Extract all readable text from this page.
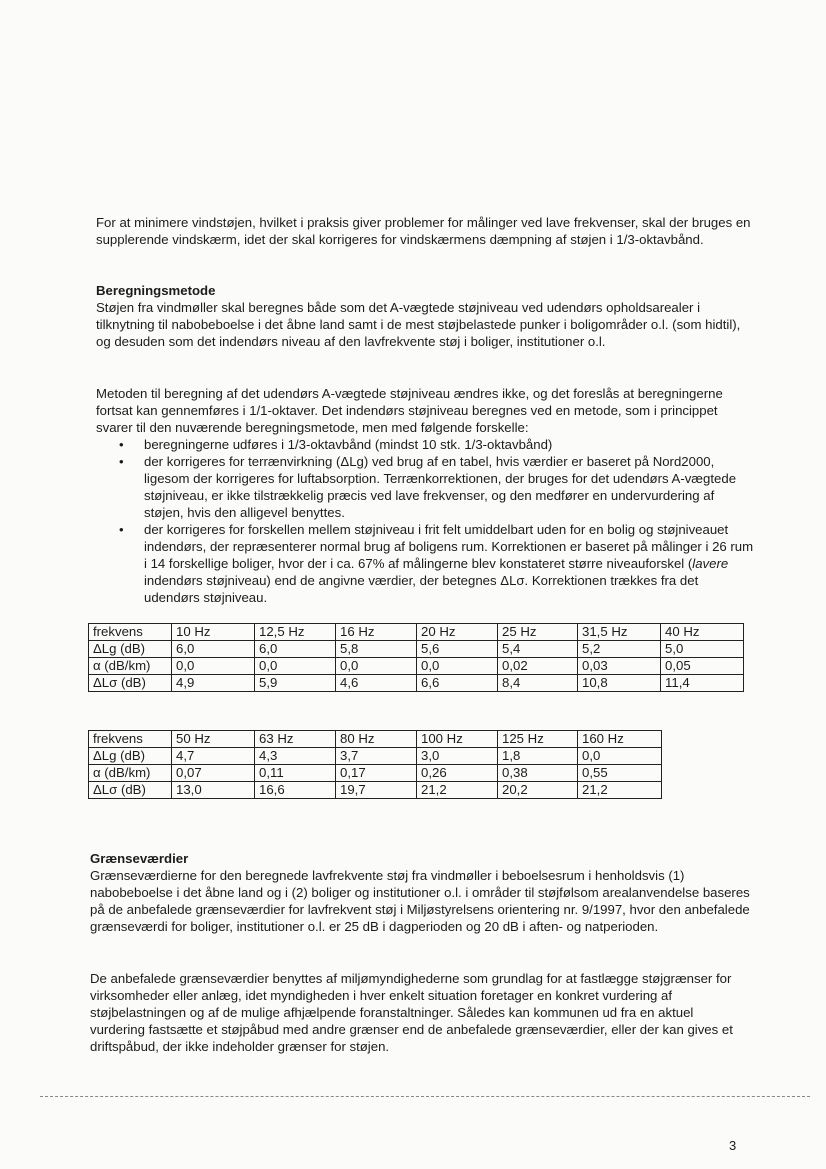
For at minimere vindstøjen, hvilket i praksis giver problemer for målinger ved lave frekvenser, skal der bruges en supplerende vindskærm, idet der skal korrigeres for vindskærmens dæmpning af støjen i 1/3-oktavbånd.

Beregningsmetode

Støjen fra vindmøller skal beregnes både som det A-vægtede støjniveau ved udendørs opholdsarealer i tilknytning til nabobeboelse i det åbne land samt i de mest støjbelastede punker i boligområder o.l. (som hidtil), og desuden som det indendørs niveau af den lavfrekvente støj i boliger, institutioner o.l.

Metoden til beregning af det udendørs A-vægtede støjniveau ændres ikke, og det foreslås at beregningerne fortsat kan gennemføres i 1/1-oktaver. Det indendørs støjniveau beregnes ved en metode, som i princippet svarer til den nuværende beregningsmetode, men med følgende forskelle:

• beregningerne udføres i 1/3-oktavbånd (mindst 10 stk. 1/3-oktavbånd)
• der korrigeres for terrænvirkning (ΔLg) ved brug af en tabel, hvis værdier er baseret på Nord2000, ligesom der korrigeres for luftabsorption. Terrænkorrektionen, der bruges for det udendørs A-vægtede støjniveau, er ikke tilstrækkelig præcis ved lave frekvenser, og den medfører en undervurdering af støjen, hvis den alligevel benyttes.
• der korrigeres for forskellen mellem støjniveau i frit felt umiddelbart uden for en bolig og støjniveauet indendørs, der repræsenterer normal brug af boligens rum. Korrektionen er baseret på målinger i 26 rum i 14 forskellige boliger, hvor der i ca. 67% af målingerne blev konstateret større niveauforskel (lavere indendørs støjniveau) end de angivne værdier, der betegnes ΔLσ. Korrektionen trækkes fra det udendørs støjniveau.
frekvens	10 Hz	12,5 Hz	16 Hz	20 Hz	25 Hz	31,5 Hz	40 Hz
ΔLg (dB)	6,0	6,0	5,8	5,6	5,4	5,2	5,0
α (dB/km)	0,0	0,0	0,0	0,0	0,02	0,03	0,05
ΔLσ (dB)	4,9	5,9	4,6	6,6	8,4	10,8	11,4
frekvens	50 Hz	63 Hz	80 Hz	100 Hz	125 Hz	160 Hz
ΔLg (dB)	4,7	4,3	3,7	3,0	1,8	0,0
α (dB/km)	0,07	0,11	0,17	0,26	0,38	0,55
ΔLσ (dB)	13,0	16,6	19,7	21,2	20,2	21,2

Grænseværdier

Grænseværdierne for den beregnede lavfrekvente støj fra vindmøller i beboelsesrum i henholdsvis (1) nabobeboelse i det åbne land og i (2) boliger og institutioner o.l. i områder til støjfølsom arealanvendelse baseres på de anbefalede grænseværdier for lavfrekvent støj i Miljøstyrelsens orientering nr. 9/1997, hvor den anbefalede grænseværdi for boliger, institutioner o.l. er 25 dB i dagperioden og 20 dB i aften- og natperioden.

De anbefalede grænseværdier benyttes af miljømyndighederne som grundlag for at fastlægge støjgrænser for virksomheder eller anlæg, idet myndigheden i hver enkelt situation foretager en konkret vurdering af støjbelastningen og af de mulige afhjælpende foranstaltninger. Således kan kommunen ud fra en aktuel vurdering fastsætte et støjpåbud med andre grænser end de anbefalede grænseværdier, eller der kan gives et driftspåbud, der ikke indeholder grænser for støjen.

3
